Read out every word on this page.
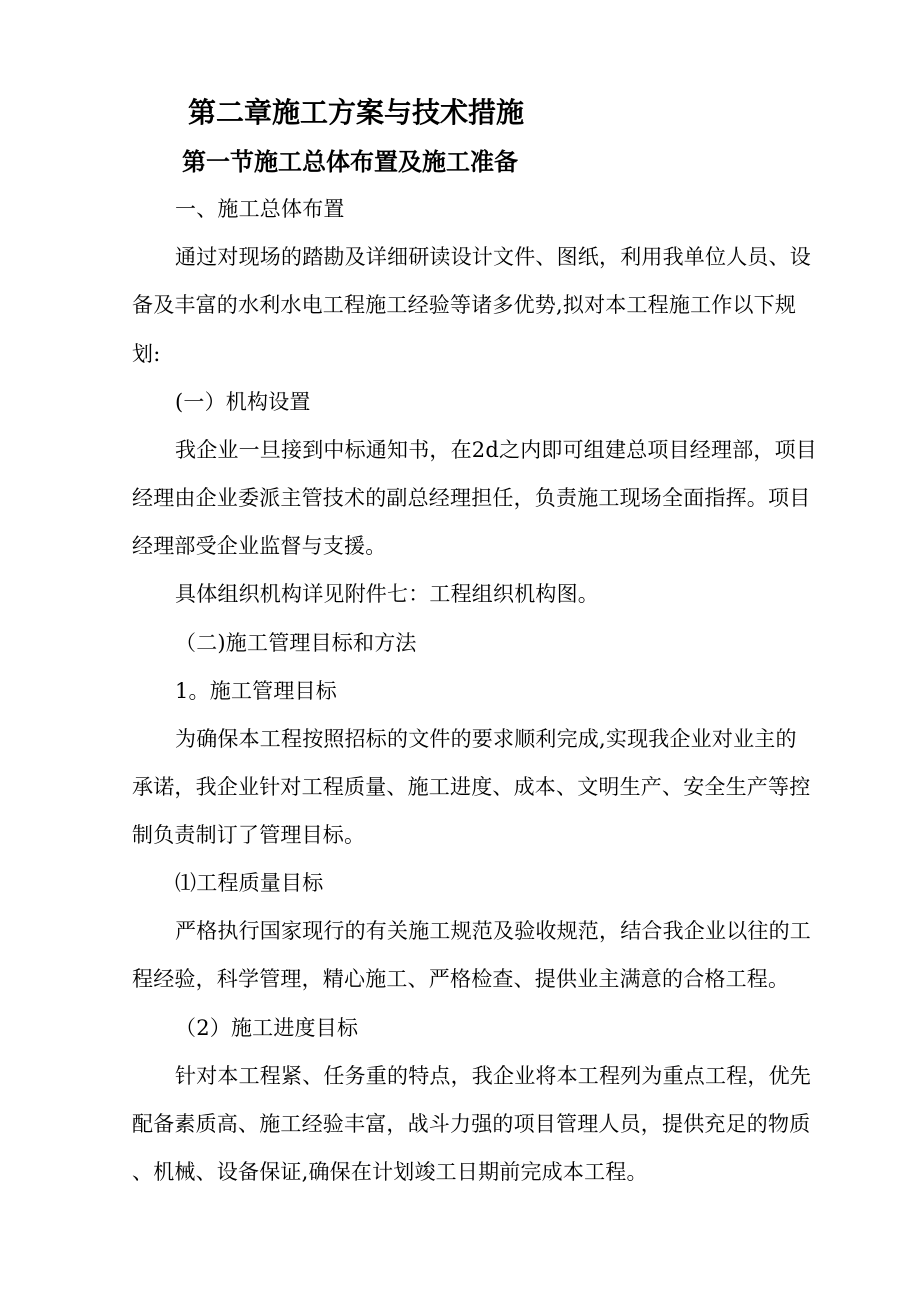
第二章施工方案与技术措施
第一节施工总体布置及施工准备
一、施工总体布置
通过对现场的踏勘及详细研读设计文件、图纸，利用我单位人员、设
备及丰富的水利水电工程施工经验等诸多优势,拟对本工程施工作以下规
划:
(一）机构设置
我企业一旦接到中标通知书，在2d之内即可组建总项目经理部，项目
经理由企业委派主管技术的副总经理担任，负责施工现场全面指挥。项目
经理部受企业监督与支援。
具体组织机构详见附件七：工程组织机构图。
（二)施工管理目标和方法
1。施工管理目标
为确保本工程按照招标的文件的要求顺利完成,实现我企业对业主的
承诺，我企业针对工程质量、施工进度、成本、文明生产、安全生产等控
制负责制订了管理目标。
⑴工程质量目标
严格执行国家现行的有关施工规范及验收规范，结合我企业以往的工
程经验，科学管理，精心施工、严格检查、提供业主满意的合格工程。
（2）施工进度目标
针对本工程紧、任务重的特点，我企业将本工程列为重点工程，优先
配备素质高、施工经验丰富，战斗力强的项目管理人员，提供充足的物质
、机械、设备保证,确保在计划竣工日期前完成本工程。
